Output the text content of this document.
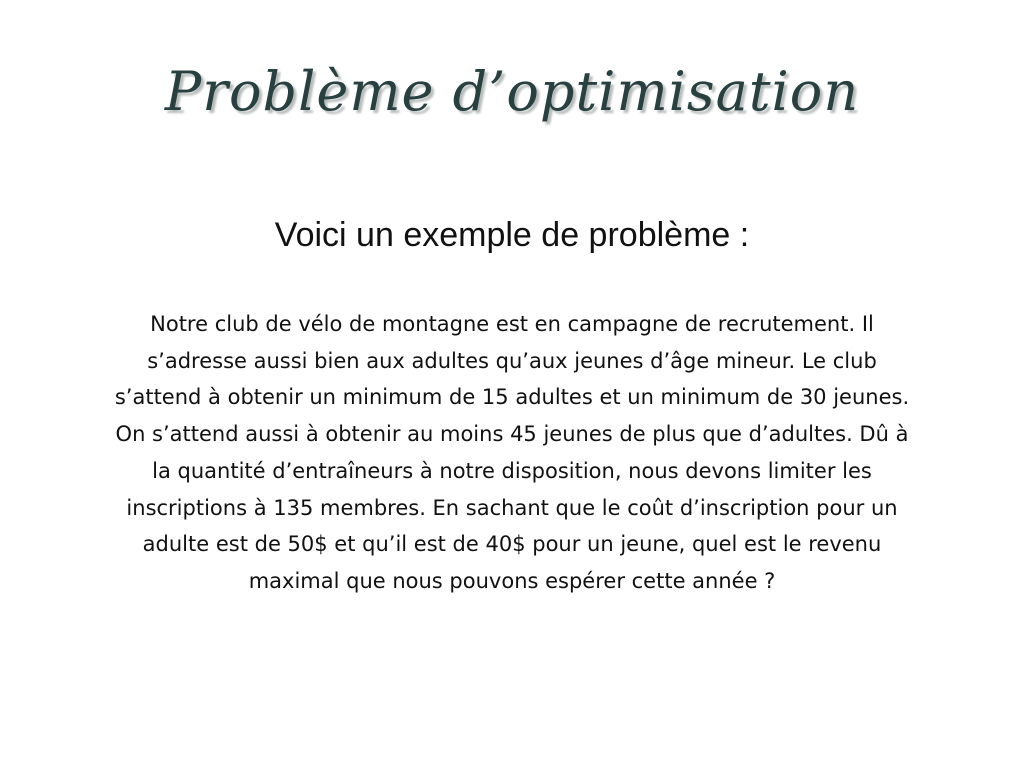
Problème d’optimisation
Voici un exemple de problème :
Notre club de vélo de montagne est en campagne de recrutement. Il
s’adresse aussi bien aux adultes qu’aux jeunes d’âge mineur. Le club
s’attend à obtenir un minimum de 15 adultes et un minimum de 30 jeunes.
On s’attend aussi à obtenir au moins 45 jeunes de plus que d’adultes. Dû à
la quantité d’entraîneurs à notre disposition, nous devons limiter les
inscriptions à 135 membres. En sachant que le coût d’inscription pour un
adulte est de 50$ et qu’il est de 40$ pour un jeune, quel est le revenu
maximal que nous pouvons espérer cette année ?
